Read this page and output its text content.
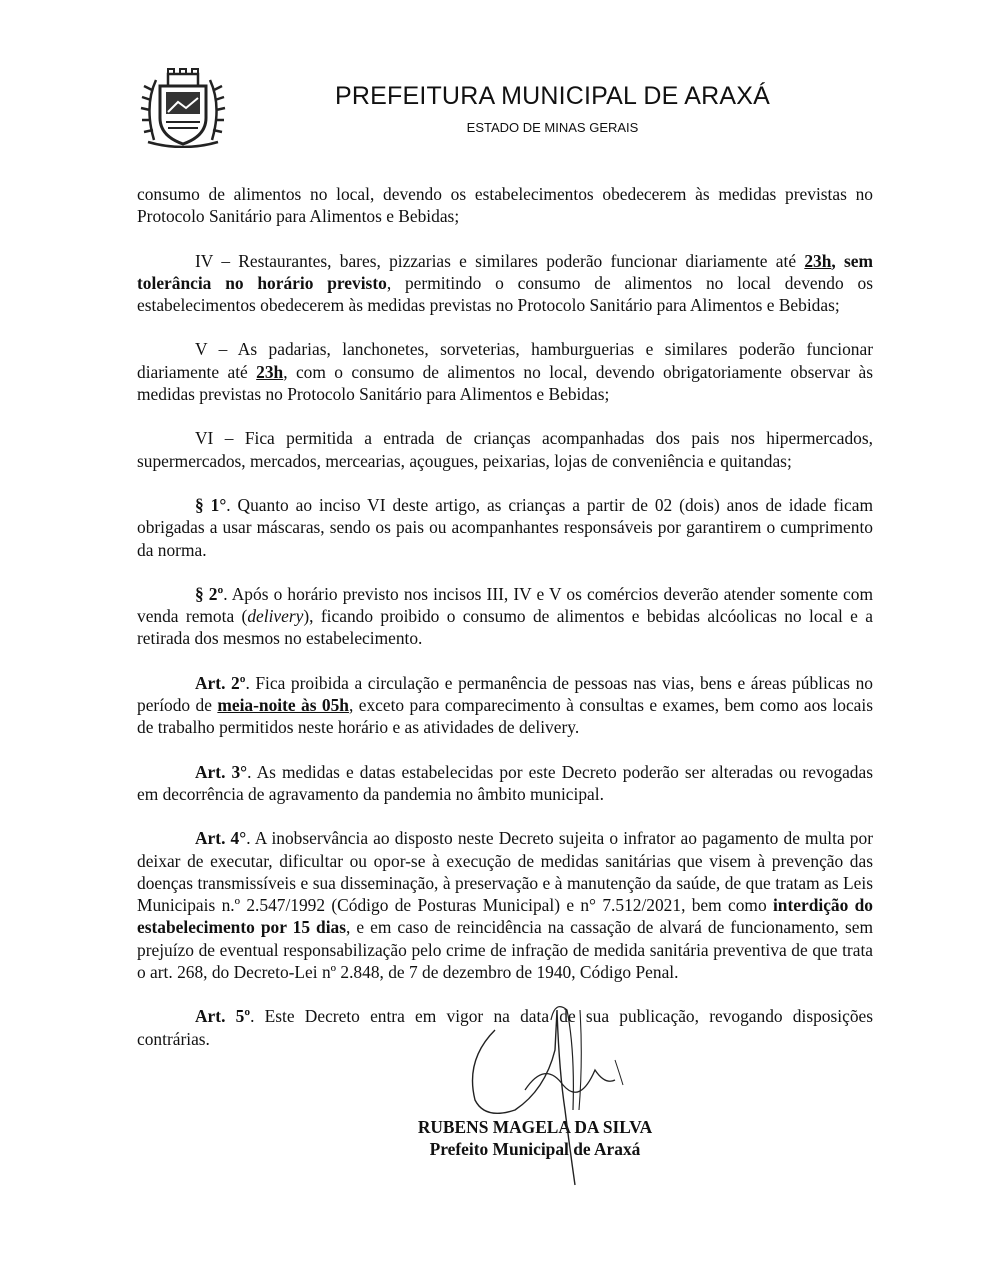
PREFEITURA MUNICIPAL DE ARAXÁ
ESTADO DE MINAS GERAIS

consumo de alimentos no local, devendo os estabelecimentos obedecerem às medidas previstas no Protocolo Sanitário para Alimentos e Bebidas;

IV – Restaurantes, bares, pizzarias e similares poderão funcionar diariamente até 23h, sem tolerância no horário previsto, permitindo o consumo de alimentos no local devendo os estabelecimentos obedecerem às medidas previstas no Protocolo Sanitário para Alimentos e Bebidas;

V – As padarias, lanchonetes, sorveterias, hamburguerias e similares poderão funcionar diariamente até 23h, com o consumo de alimentos no local, devendo obrigatoriamente observar às medidas previstas no Protocolo Sanitário para Alimentos e Bebidas;

VI – Fica permitida a entrada de crianças acompanhadas dos pais nos hipermercados, supermercados, mercados, mercearias, açougues, peixarias, lojas de conveniência e quitandas;

§ 1°. Quanto ao inciso VI deste artigo, as crianças a partir de 02 (dois) anos de idade ficam obrigadas a usar máscaras, sendo os pais ou acompanhantes responsáveis por garantirem o cumprimento da norma.

§ 2º. Após o horário previsto nos incisos III, IV e V os comércios deverão atender somente com venda remota (delivery), ficando proibido o consumo de alimentos e bebidas alcóolicas no local e a retirada dos mesmos no estabelecimento.

Art. 2º. Fica proibida a circulação e permanência de pessoas nas vias, bens e áreas públicas no período de meia-noite às 05h, exceto para comparecimento à consultas e exames, bem como aos locais de trabalho permitidos neste horário e as atividades de delivery.

Art. 3°. As medidas e datas estabelecidas por este Decreto poderão ser alteradas ou revogadas em decorrência de agravamento da pandemia no âmbito municipal.

Art. 4°. A inobservância ao disposto neste Decreto sujeita o infrator ao pagamento de multa por deixar de executar, dificultar ou opor-se à execução de medidas sanitárias que visem à prevenção das doenças transmissíveis e sua disseminação, à preservação e à manutenção da saúde, de que tratam as Leis Municipais n.º 2.547/1992 (Código de Posturas Municipal) e n° 7.512/2021, bem como interdição do estabelecimento por 15 dias, e em caso de reincidência na cassação de alvará de funcionamento, sem prejuízo de eventual responsabilização pelo crime de infração de medida sanitária preventiva de que trata o art. 268, do Decreto-Lei nº 2.848, de 7 de dezembro de 1940, Código Penal.

Art. 5º. Este Decreto entra em vigor na data de sua publicação, revogando disposições contrárias.

RUBENS MAGELA DA SILVA
Prefeito Municipal de Araxá
